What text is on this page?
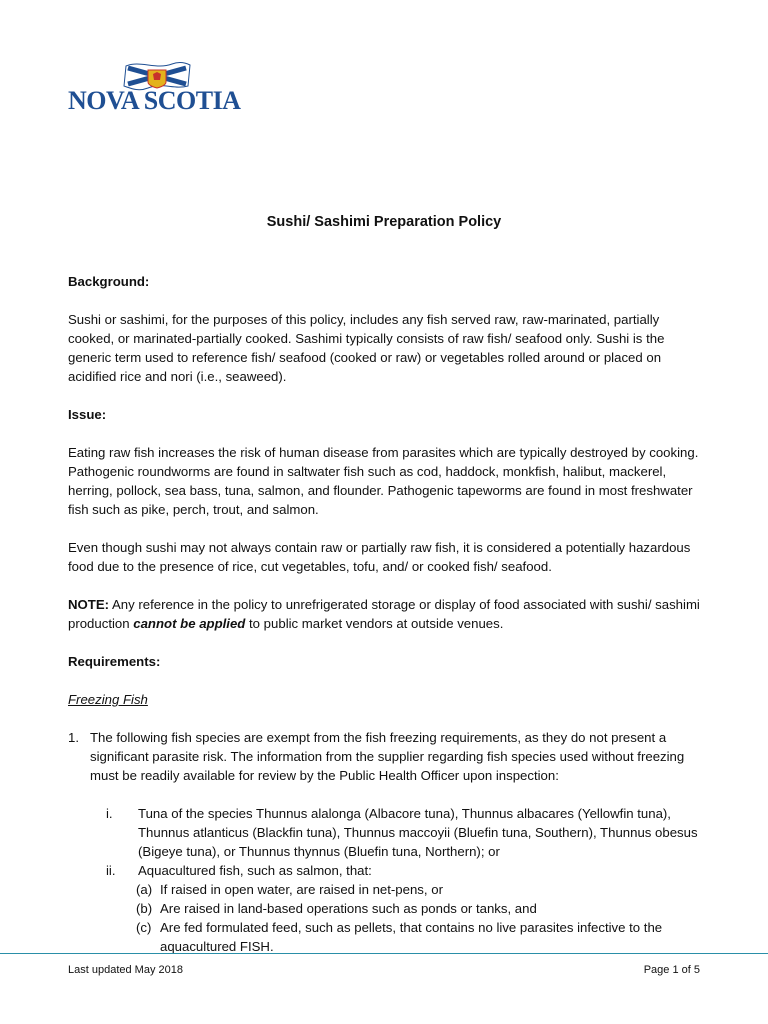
NOVA SCOTIA
Sushi/ Sashimi Preparation Policy

Background:

Sushi or sashimi, for the purposes of this policy, includes any fish served raw, raw-marinated, partially cooked, or marinated-partially cooked. Sashimi typically consists of raw fish/ seafood only. Sushi is the generic term used to reference fish/ seafood (cooked or raw) or vegetables rolled around or placed on acidified rice and nori (i.e., seaweed).

Issue:

Eating raw fish increases the risk of human disease from parasites which are typically destroyed by cooking. Pathogenic roundworms are found in saltwater fish such as cod, haddock, monkfish, halibut, mackerel, herring, pollock, sea bass, tuna, salmon, and flounder. Pathogenic tapeworms are found in most freshwater fish such as pike, perch, trout, and salmon.

Even though sushi may not always contain raw or partially raw fish, it is considered a potentially hazardous food due to the presence of rice, cut vegetables, tofu, and/ or cooked fish/ seafood.

NOTE: Any reference in the policy to unrefrigerated storage or display of food associated with sushi/ sashimi production cannot be applied to public market vendors at outside venues.

Requirements:

Freezing Fish

1. The following fish species are exempt from the fish freezing requirements, as they do not present a significant parasite risk. The information from the supplier regarding fish species used without freezing must be readily available for review by the Public Health Officer upon inspection:

i. Tuna of the species Thunnus alalonga (Albacore tuna), Thunnus albacares (Yellowfin tuna), Thunnus atlanticus (Blackfin tuna), Thunnus maccoyii (Bluefin tuna, Southern), Thunnus obesus (Bigeye tuna), or Thunnus thynnus (Bluefin tuna, Northern); or

ii. Aquacultured fish, such as salmon, that:

(a) If raised in open water, are raised in net-pens, or

(b) Are raised in land-based operations such as ponds or tanks, and

(c) Are fed formulated feed, such as pellets, that contains no live parasites infective to the aquacultured FISH.

Last updated May 2018	Page 1 of 5
